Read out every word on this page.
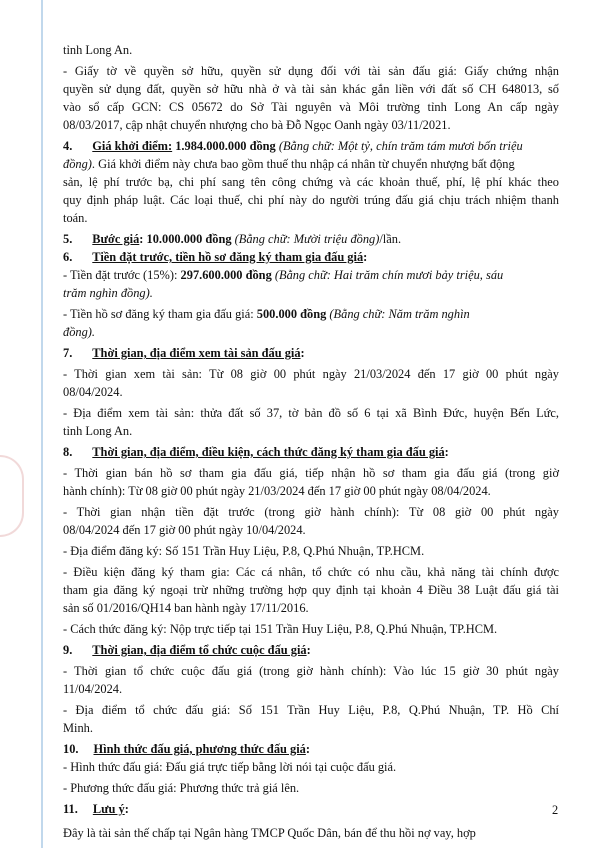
tỉnh Long An.
- Giấy tờ về quyền sở hữu, quyền sử dụng đối với tài sản đấu giá: Giấy chứng nhận
quyền sử dụng đất, quyền sở hữu nhà ở và tài sản khác gắn liền với đất số CH 648013, số
vào sổ cấp GCN: CS 05672 do Sở Tài nguyên và Môi trường tỉnh Long An cấp ngày
08/03/2017, cập nhật chuyển nhượng cho bà Đỗ Ngọc Oanh ngày 03/11/2021.
4. Giá khởi điểm: 1.984.000.000 đồng (Bằng chữ: Một tỷ, chín trăm tám mươi bốn triệu
đồng). Giá khởi điểm này chưa bao gồm thuế thu nhập cá nhân từ chuyển nhượng bất động
sản, lệ phí trước bạ, chi phí sang tên công chứng và các khoản thuế, phí, lệ phí khác theo
quy định pháp luật. Các loại thuế, chi phí này do người trúng đấu giá chịu trách nhiệm thanh
toán.
5. Bước giá: 10.000.000 đồng (Bằng chữ: Mười triệu đồng)/lần.
6. Tiền đặt trước, tiền hồ sơ đăng ký tham gia đấu giá:
- Tiền đặt trước (15%): 297.600.000 đồng (Bằng chữ: Hai trăm chín mươi bảy triệu, sáu
trăm nghìn đồng).
- Tiền hồ sơ đăng ký tham gia đấu giá: 500.000 đồng (Bằng chữ: Năm trăm nghìn
đồng).
7. Thời gian, địa điểm xem tài sản đấu giá:
- Thời gian xem tài sản: Từ 08 giờ 00 phút ngày 21/03/2024 đến 17 giờ 00 phút ngày
08/04/2024.
- Địa điểm xem tài sản: thửa đất số 37, tờ bản đồ số 6 tại xã Bình Đức, huyện Bến Lức,
tỉnh Long An.
8. Thời gian, địa điểm, điều kiện, cách thức đăng ký tham gia đấu giá:
- Thời gian bán hồ sơ tham gia đấu giá, tiếp nhận hồ sơ tham gia đấu giá (trong giờ
hành chính): Từ 08 giờ 00 phút ngày 21/03/2024 đến 17 giờ 00 phút ngày 08/04/2024.
- Thời gian nhận tiền đặt trước (trong giờ hành chính): Từ 08 giờ 00 phút ngày
08/04/2024 đến 17 giờ 00 phút ngày 10/04/2024.
- Địa điểm đăng ký: Số 151 Trần Huy Liệu, P.8, Q.Phú Nhuận, TP.HCM.
- Điều kiện đăng ký tham gia: Các cá nhân, tổ chức có nhu cầu, khả năng tài chính được
tham gia đăng ký ngoại trừ những trường hợp quy định tại khoản 4 Điều 38 Luật đấu giá tài
sản số 01/2016/QH14 ban hành ngày 17/11/2016.
- Cách thức đăng ký: Nộp trực tiếp tại 151 Trần Huy Liệu, P.8, Q.Phú Nhuận, TP.HCM.
9. Thời gian, địa điểm tổ chức cuộc đấu giá:
- Thời gian tổ chức cuộc đấu giá (trong giờ hành chính): Vào lúc 15 giờ 30 phút ngày
11/04/2024.
- Địa điểm tổ chức đấu giá: Số 151 Trần Huy Liệu, P.8, Q.Phú Nhuận, TP. Hồ Chí
Minh.
10. Hình thức đấu giá, phương thức đấu giá:
- Hình thức đấu giá: Đấu giá trực tiếp bằng lời nói tại cuộc đấu giá.
- Phương thức đấu giá: Phương thức trả giá lên.
11. Lưu ý:
Đây là tài sản thế chấp tại Ngân hàng TMCP Quốc Dân, bán để thu hồi nợ vay, hợp
2
